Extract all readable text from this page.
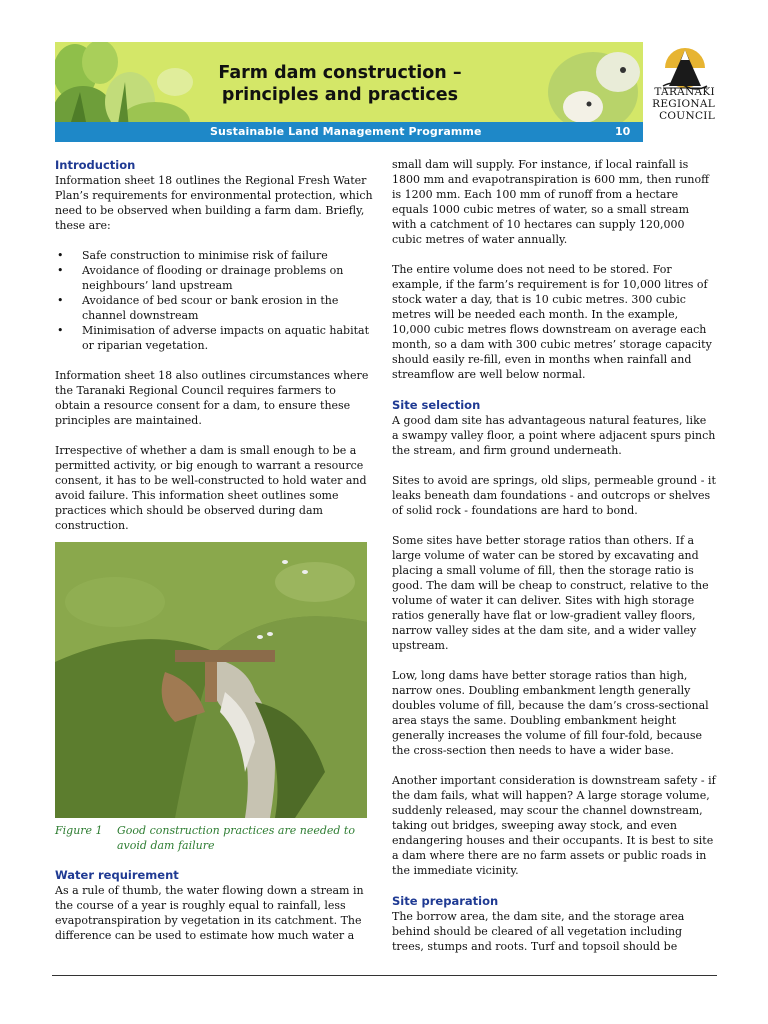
Farm dam construction –
principles and practices
Sustainable Land Management Programme	10
TARANAKI
REGIONAL
COUNCIL
Introduction

Information sheet 18 outlines the Regional Fresh Water Plan’s requirements for environmental protection, which need to be observed when building a farm dam. Briefly, these are:

• Safe construction to minimise risk of failure
• Avoidance of flooding or drainage problems on neighbours’ land upstream
• Avoidance of bed scour or bank erosion in the channel downstream
• Minimisation of adverse impacts on aquatic habitat or riparian vegetation.

Information sheet 18 also outlines circumstances where the Taranaki Regional Council requires farmers to obtain a resource consent for a dam, to ensure these principles are maintained.

Irrespective of whether a dam is small enough to be a permitted activity, or big enough to warrant a resource consent, it has to be well-constructed to hold water and avoid failure. This information sheet outlines some practices which should be observed during dam construction.

Figure 1 Good construction practices are needed to avoid dam failure
Water requirement

As a rule of thumb, the water flowing down a stream in the course of a year is roughly equal to rainfall, less evapotranspiration by vegetation in its catchment. The difference can be used to estimate how much water a

small dam will supply. For instance, if local rainfall is 1800 mm and evapotranspiration is 600 mm, then runoff is 1200 mm. Each 100 mm of runoff from a hectare equals 1000 cubic metres of water, so a small stream with a catchment of 10 hectares can supply 120,000 cubic metres of water annually.

The entire volume does not need to be stored. For example, if the farm’s requirement is for 10,000 litres of stock water a day, that is 10 cubic metres. 300 cubic metres will be needed each month. In the example, 10,000 cubic metres flows downstream on average each month, so a dam with 300 cubic metres’ storage capacity should easily re-fill, even in months when rainfall and streamflow are well below normal.

Site selection

A good dam site has advantageous natural features, like a swampy valley floor, a point where adjacent spurs pinch the stream, and firm ground underneath.

Sites to avoid are springs, old slips, permeable ground - it leaks beneath dam foundations - and outcrops or shelves of solid rock - foundations are hard to bond.

Some sites have better storage ratios than others. If a large volume of water can be stored by excavating and placing a small volume of fill, then the storage ratio is good. The dam will be cheap to construct, relative to the volume of water it can deliver. Sites with high storage ratios generally have flat or low-gradient valley floors, narrow valley sides at the dam site, and a wider valley upstream.

Low, long dams have better storage ratios than high, narrow ones. Doubling embankment length generally doubles volume of fill, because the dam’s cross-sectional area stays the same. Doubling embankment height generally increases the volume of fill four-fold, because the cross-section then needs to have a wider base.

Another important consideration is downstream safety - if the dam fails, what will happen? A large storage volume, suddenly released, may scour the channel downstream, taking out bridges, sweeping away stock, and even endangering houses and their occupants. It is best to site a dam where there are no farm assets or public roads in the immediate vicinity.

Site preparation

The borrow area, the dam site, and the storage area behind should be cleared of all vegetation including trees, stumps and roots. Turf and topsoil should be
